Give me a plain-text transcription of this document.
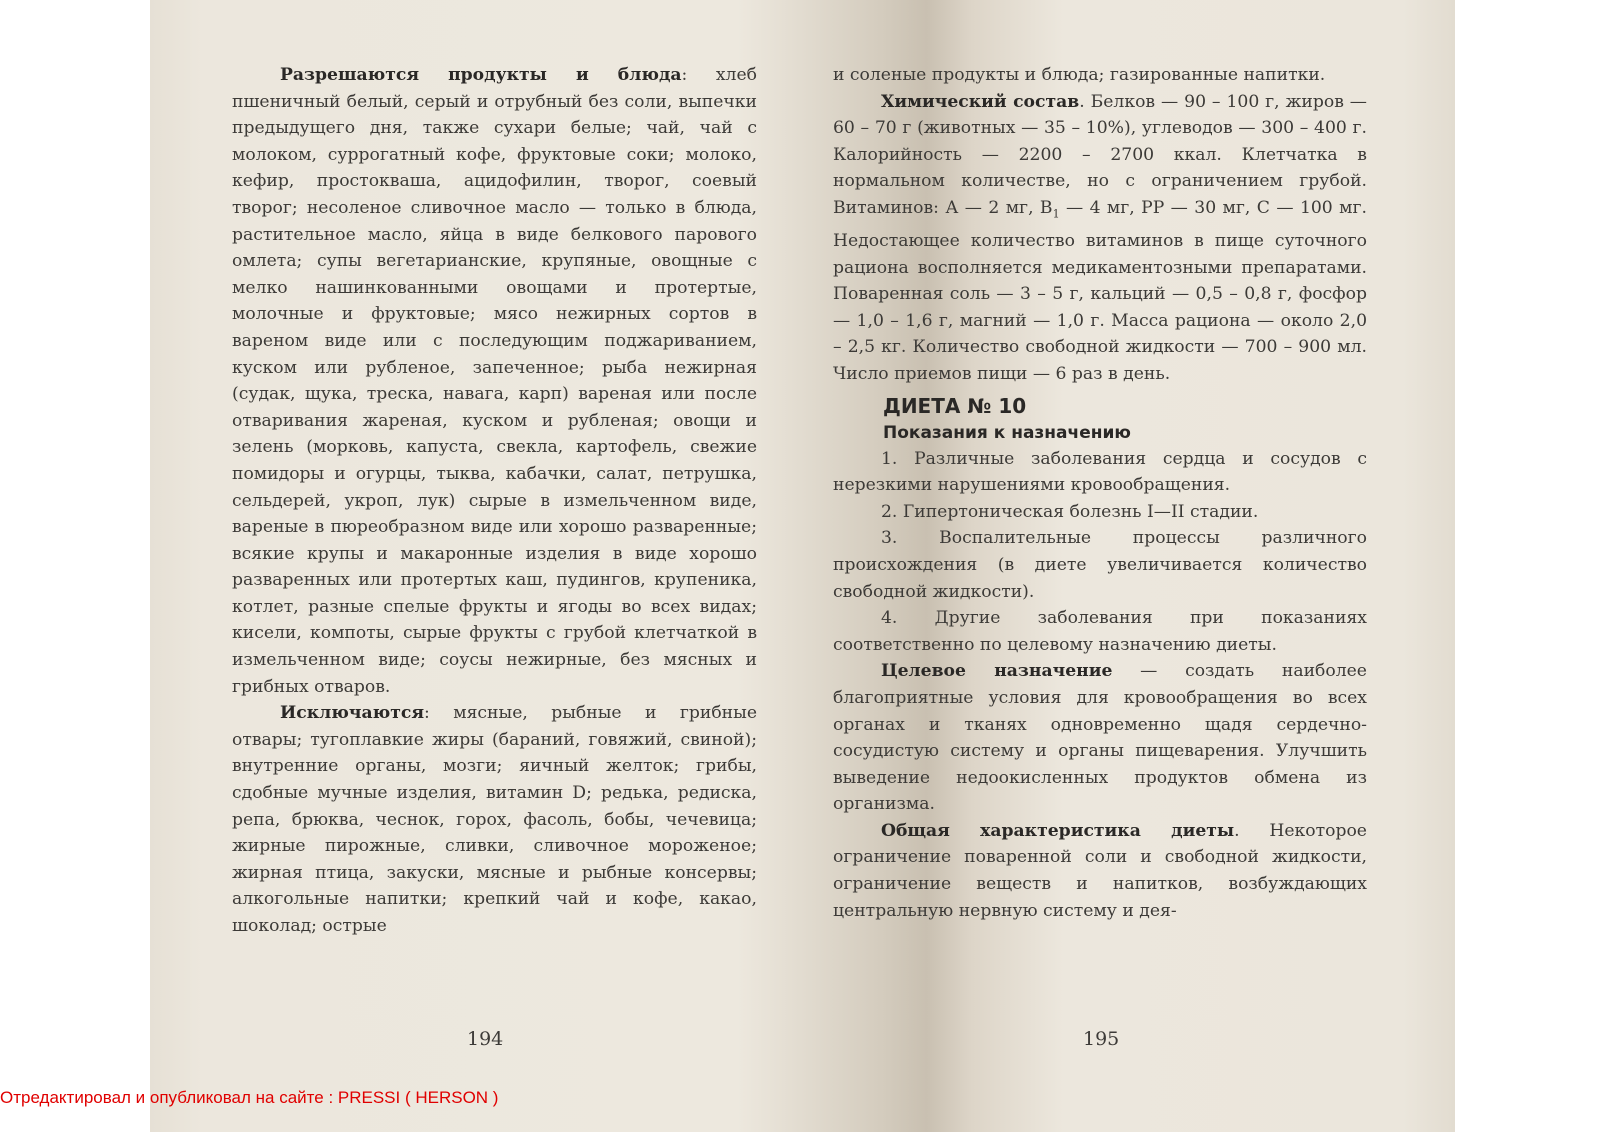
Разрешаются продукты и блюда: хлеб пшеничный белый, серый и отрубный без соли, выпечки предыдущего дня, также сухари белые; чай, чай с молоком, суррогатный кофе, фруктовые соки; молоко, кефир, простокваша, ацидофилин, творог, соевый творог; несоленое сливочное масло — только в блюда, растительное масло, яйца в виде белкового парового омлета; супы вегетарианские, крупяные, овощные с мелко нашинкованными овощами и протертые, молочные и фруктовые; мясо нежирных сортов в вареном виде или с последующим поджариванием, куском или рубленое, запеченное; рыба нежирная (судак, щука, треска, навага, карп) вареная или после отваривания жареная, куском и рубленая; овощи и зелень (морковь, капуста, свекла, картофель, свежие помидоры и огурцы, тыква, кабачки, салат, петрушка, сельдерей, укроп, лук) сырые в измельченном виде, вареные в пюреобразном виде или хорошо разваренные; всякие крупы и макаронные изделия в виде хорошо разваренных или протертых каш, пудингов, крупеника, котлет, разные спелые фрукты и ягоды во всех видах; кисели, компоты, сырые фрукты с грубой клетчаткой в измельченном виде; соусы нежирные, без мясных и грибных отваров.

Исключаются: мясные, рыбные и грибные отвары; тугоплавкие жиры (бараний, говяжий, свиной); внутренние органы, мозги; яичный желток; грибы, сдобные мучные изделия, витамин D; редька, редиска, репа, брюква, чеснок, горох, фасоль, бобы, чечевица; жирные пирожные, сливки, сливочное мороженое; жирная птица, закуски, мясные и рыбные консервы; алкогольные напитки; крепкий чай и кофе, какао, шоколад; острые

194

и соленые продукты и блюда; газированные напитки.

Химический состав. Белков — 90 – 100 г, жиров — 60 – 70 г (животных — 35 – 10%), углеводов — 300 – 400 г. Калорийность — 2200 – 2700 ккал. Клетчатка в нормальном количестве, но с ограничением грубой. Витаминов: А — 2 мг, $В_1$ — 4 мг, РР — 30 мг, С — 100 мг. Недостающее количество витаминов в пище суточного рациона восполняется медикаментозными препаратами. Поваренная соль — 3 – 5 г, кальций — 0,5 – 0,8 г, фосфор — 1,0 – 1,6 г, магний — 1,0 г. Масса рациона — около 2,0 – 2,5 кг. Количество свободной жидкости — 700 – 900 мл. Число приемов пищи — 6 раз в день.

ДИЕТА № 10
Показания к назначению

1. Различные заболевания сердца и сосудов с нерезкими нарушениями кровообращения.

2. Гипертоническая болезнь I—II стадии.

3. Воспалительные процессы различного происхождения (в диете увеличивается количество свободной жидкости).

4. Другие заболевания при показаниях соответственно по целевому назначению диеты.

Целевое назначение — создать наиболее благоприятные условия для кровообращения во всех органах и тканях одновременно щадя сердечно-сосудистую систему и органы пищеварения. Улучшить выведение недоокисленных продуктов обмена из организма.

Общая характеристика диеты. Некоторое ограничение поваренной соли и свободной жидкости, ограничение веществ и напитков, возбуждающих центральную нервную систему и дея-

195
Отредактировал и опубликовал на сайте : PRESSI ( HERSON )
